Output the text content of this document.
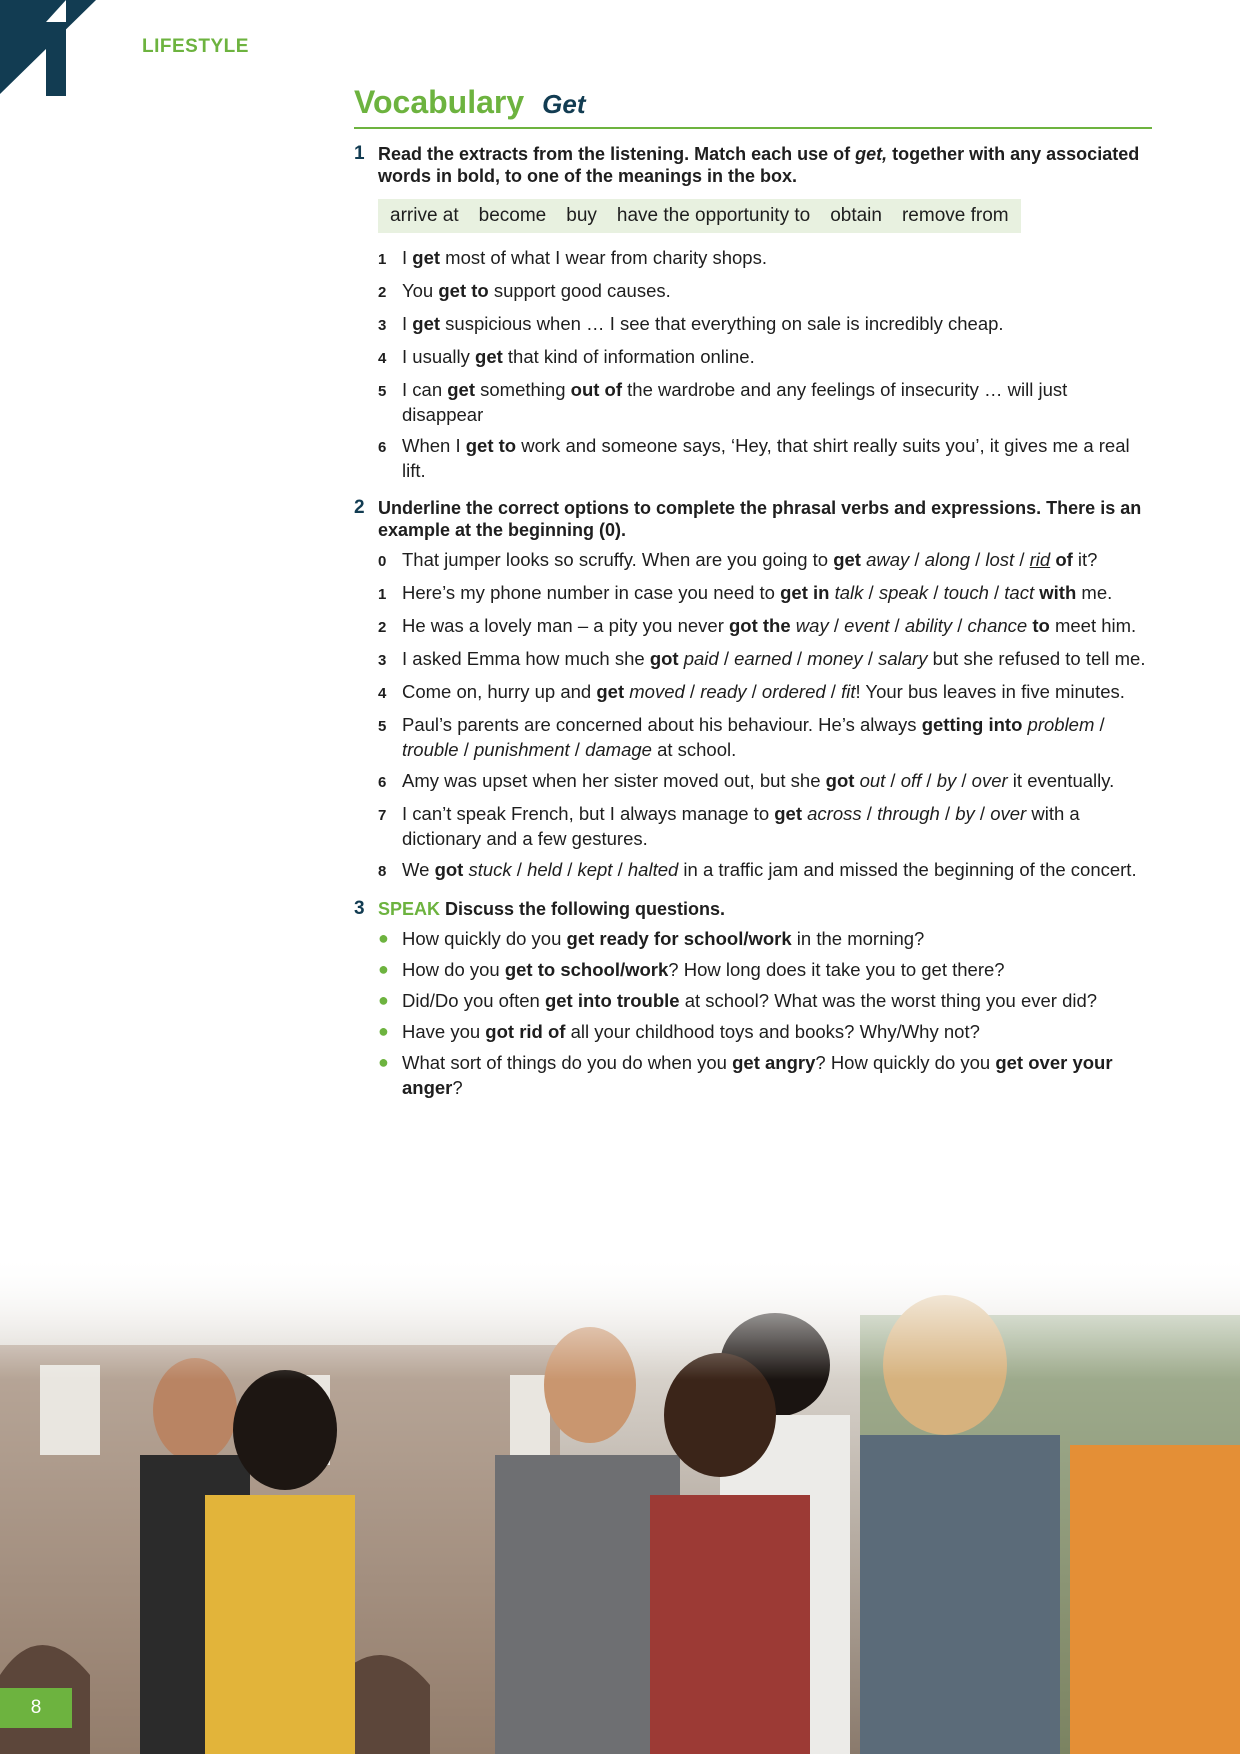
LIFESTYLE
Vocabulary Get
1 Read the extracts from the listening. Match each use of get, together with any associated words in bold, to one of the meanings in the box.
arrive at become buy have the opportunity to obtain remove from
1 I get most of what I wear from charity shops.
2 You get to support good causes.
3 I get suspicious when … I see that everything on sale is incredibly cheap.
4 I usually get that kind of information online.
5 I can get something out of the wardrobe and any feelings of insecurity … will just disappear
6 When I get to work and someone says, ‘Hey, that shirt really suits you’, it gives me a real lift.
2 Underline the correct options to complete the phrasal verbs and expressions. There is an example at the beginning (0).
0 That jumper looks so scruffy. When are you going to get away / along / lost / rid of it?
1 Here’s my phone number in case you need to get in talk / speak / touch / tact with me.
2 He was a lovely man – a pity you never got the way / event / ability / chance to meet him.
3 I asked Emma how much she got paid / earned / money / salary but she refused to tell me.
4 Come on, hurry up and get moved / ready / ordered / fit! Your bus leaves in five minutes.
5 Paul’s parents are concerned about his behaviour. He’s always getting into problem / trouble / punishment / damage at school.
6 Amy was upset when her sister moved out, but she got out / off / by / over it eventually.
7 I can’t speak French, but I always manage to get across / through / by / over with a dictionary and a few gestures.
8 We got stuck / held / kept / halted in a traffic jam and missed the beginning of the concert.
3 SPEAK Discuss the following questions.
● How quickly do you get ready for school/work in the morning?
● How do you get to school/work? How long does it take you to get there?
● Did/Do you often get into trouble at school? What was the worst thing you ever did?
● Have you got rid of all your childhood toys and books? Why/Why not?
● What sort of things do you do when you get angry? How quickly do you get over your anger?
8
